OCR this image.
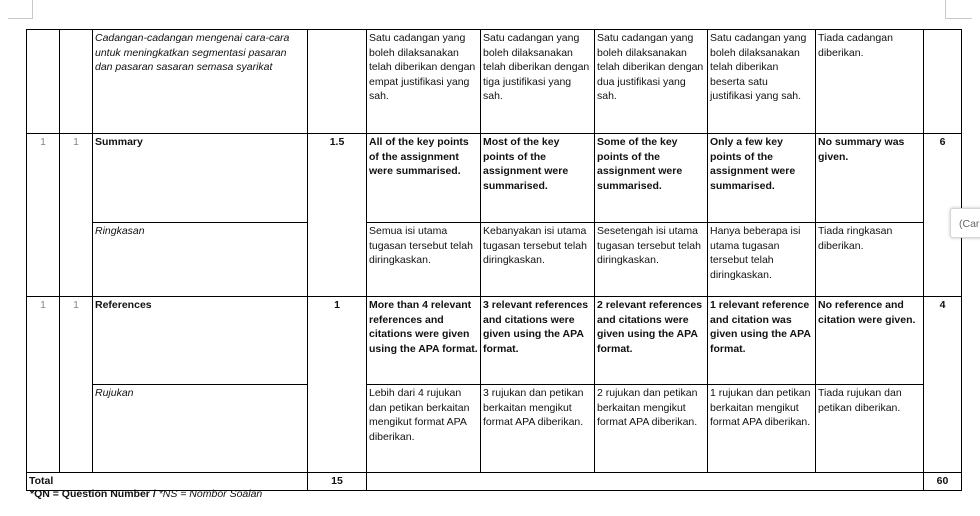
		Cadangan-cadangan mengenai cara-cara untuk meningkatkan segmentasi pasaran dan pasaran sasaran semasa syarikat		Satu cadangan yang boleh dilaksanakan telah diberikan dengan empat justifikasi yang sah.	Satu cadangan yang boleh dilaksanakan telah diberikan dengan tiga justifikasi yang sah.	Satu cadangan yang boleh dilaksanakan telah diberikan dengan dua justifikasi yang sah.	Satu cadangan yang boleh dilaksanakan telah diberikan beserta satu justifikasi yang sah.	Tiada cadangan diberikan.	
1	1	Summary	1.5	All of the key points of the assignment were summarised.	Most of the key points of the assignment were summarised.	Some of the key points of the assignment were summarised.	Only a few key points of the assignment were summarised.	No summary was given.	6
		Ringkasan		Semua isi utama tugasan tersebut telah diringkaskan.	Kebanyakan isi utama tugasan tersebut telah diringkaskan.	Sesetengah isi utama tugasan tersebut telah diringkaskan.	Hanya beberapa isi utama tugasan tersebut telah diringkaskan.	Tiada ringkasan diberikan.	
1	1	References	1	More than 4 relevant references and citations were given using the APA format.	3 relevant references and citations were given using the APA format.	2 relevant references and citations were given using the APA format.	1 relevant reference and citation was given using the APA format.	No reference and citation were given.	4
		Rujukan		Lebih dari 4 rujukan dan petikan berkaitan mengikut format APA diberikan.	3 rujukan dan petikan berkaitan mengikut format APA diberikan.	2 rujukan dan petikan berkaitan mengikut format APA diberikan.	1 rujukan dan petikan berkaitan mengikut format APA diberikan.	Tiada rujukan dan petikan diberikan.	
Total			15						60
*QN = Question Number / *NS = Nombor Soalan
(Car
